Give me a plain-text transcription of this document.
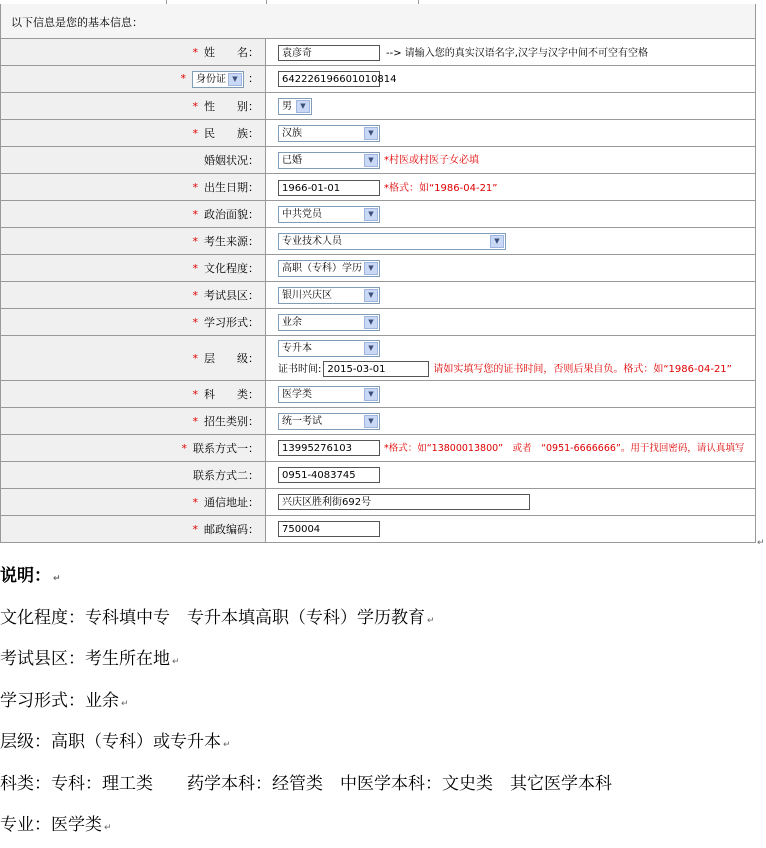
以下信息是您的基本信息：
* 姓　　名：	袁彦奇 --> 请输入您的真实汉语名字,汉字与汉字中间不可空有空格
* 身份证 ▼ ：	642226196601010814
* 性　　别：	男 ▼

* 民　　族：	汉族 ▼

婚姻状况：	已婚 ▼ *村医或村医子女必填
* 出生日期：	1966-01-01 *格式：如“1986-04-21”
* 政治面貌：	中共党员 ▼

* 考生来源：	专业技术人员 ▼

* 文化程度：	高职（专科）学历 ▼

* 考试县区：	银川兴庆区 ▼

* 学习形式：	业余 ▼

* 层　　级：	专升本 ▼
证书时间: 2015-03-01 请如实填写您的证书时间，否则后果自负。格式：如“1986-04-21”

* 科　　类：	医学类 ▼

* 招生类别：	统一考试 ▼

* 联系方式一：	13995276103 *格式：如“13800013800”　或者　“0951-6666666”。用于找回密码，请认真填写
联系方式二：	0951-4083745
* 通信地址：	兴庆区胜利街692号
* 邮政编码：	750004
↵

说明： ↵

文化程度：专科填中专　专升本填高职（专科）学历教育 ↵

考试县区：考生所在地 ↵

学习形式：业余 ↵

层级：高职（专科）或专升本 ↵

科类：专科：理工类　　药学本科：经管类　中医学本科：文史类　其它医学本科

专业：医学类 ↵
